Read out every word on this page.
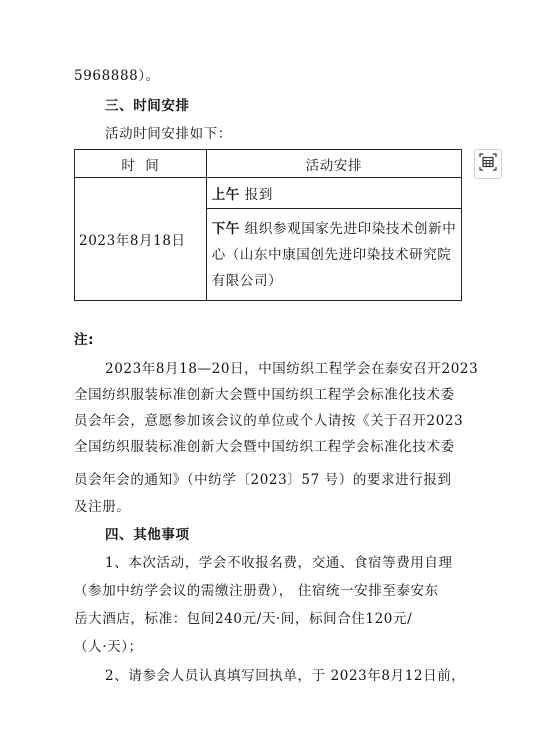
5968888）。
三、时间安排
活动时间安排如下：
时  间	活动安排
2023年8月18日	上午 报到
	下午 组织参观国家先进印染技术创新中心（山东中康国创先进印染技术研究院有限公司）
注:
2023年8月18—20日，中国纺织工程学会在泰安召开2023
全国纺织服装标准创新大会暨中国纺织工程学会标准化技术委
员会年会，意愿参加该会议的单位或个人请按《关于召开2023
全国纺织服装标准创新大会暨中国纺织工程学会标准化技术委
员会年会的通知》（中纺学〔2023〕57 号）的要求进行报到
及注册。
四、其他事项
1、本次活动，学会不收报名费，交通、食宿等费用自理
（参加中纺学会议的需缴注册费）， 住宿统一安排至泰安东
岳大酒店，标准：包间240元/天·间，标间合住120元/
（人·天）；
2、请参会人员认真填写回执单，于 2023年8月12日前，
